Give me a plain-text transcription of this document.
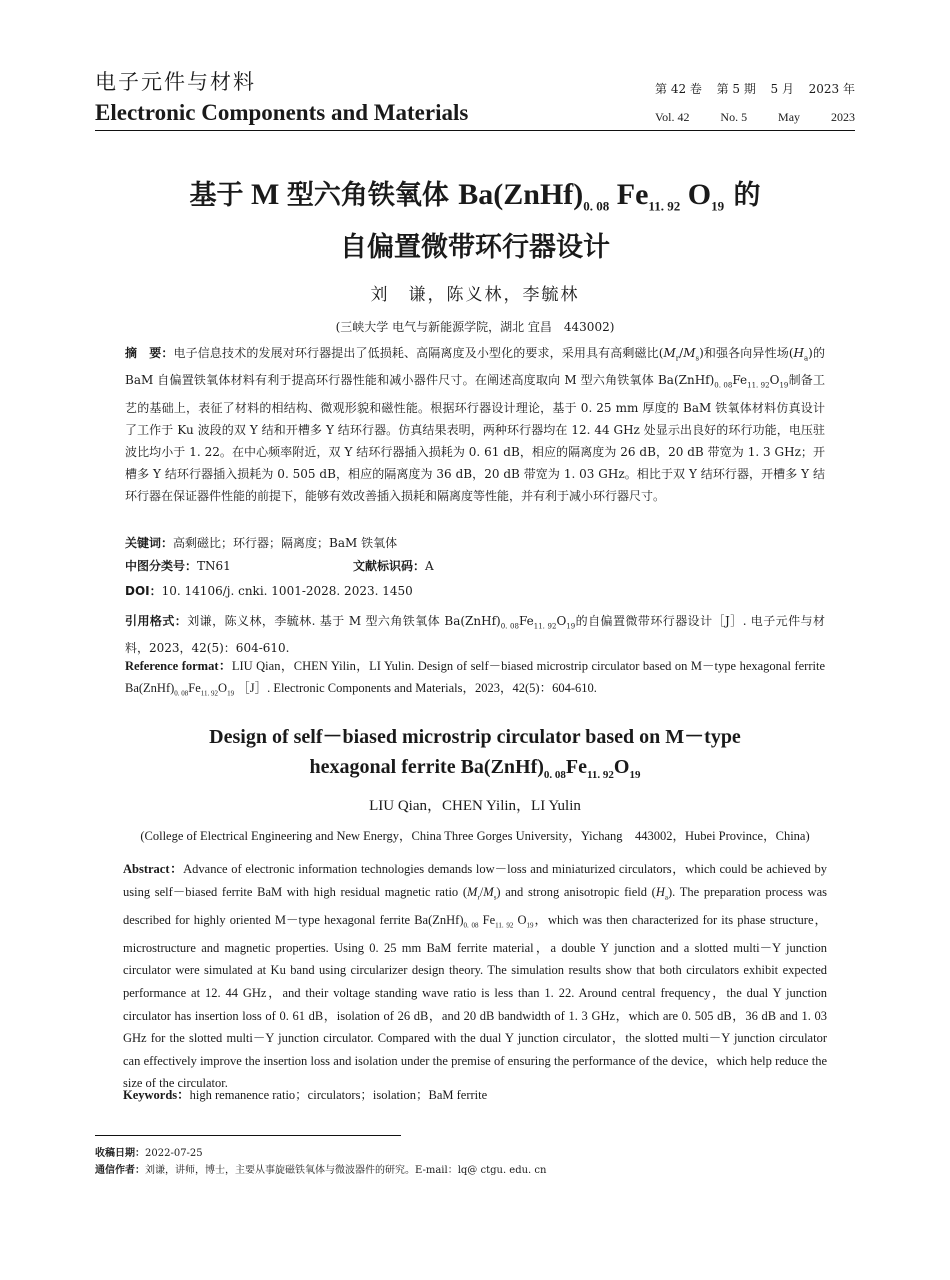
电子元件与材料
Electronic Components and Materials
第 42 卷 第 5 期 5 月 2023 年
Vol. 42	No. 5	May	2023
基于 M 型六角铁氧体 $Ba(ZnHf)_{0. 08}$ $Fe_{11. 92}$ $O_{19}$ 的
自偏置微带环行器设计
刘　谦，陈义林，李毓林
(三峡大学 电气与新能源学院，湖北 宜昌　443002)
摘　要：电子信息技术的发展对环行器提出了低损耗、高隔离度及小型化的要求，采用具有高剩磁比$(M_r/M_s)$和强各向异性场$(H_a)$的 BaM 自偏置铁氧体材料有利于提高环行器性能和减小器件尺寸。在阐述高度取向 M 型六角铁氧体 $Ba(ZnHf)_{0. 08}Fe_{11. 92}O_{19}$制备工艺的基础上，表征了材料的相结构、微观形貌和磁性能。根据环行器设计理论，基于 0. 25 mm 厚度的 BaM 铁氧体材料仿真设计了工作于 Ku 波段的双 Y 结和开槽多 Y 结环行器。仿真结果表明，两种环行器均在 12. 44 GHz 处显示出良好的环行功能，电压驻波比均小于 1. 22。在中心频率附近，双 Y 结环行器插入损耗为 0. 61 dB，相应的隔离度为 26 dB，20 dB 带宽为 1. 3 GHz；开槽多 Y 结环行器插入损耗为 0. 505 dB，相应的隔离度为 36 dB，20 dB 带宽为 1. 03 GHz。相比于双 Y 结环行器，开槽多 Y 结环行器在保证器件性能的前提下，能够有效改善插入损耗和隔离度等性能，并有利于减小环行器尺寸。
关键词：高剩磁比；环行器；隔离度；BaM 铁氧体
中图分类号：TN61	文献标识码：A
DOI：10. 14106/j. cnki. 1001-2028. 2023. 1450
引用格式：刘谦，陈义林，李毓林. 基于 M 型六角铁氧体 $Ba(ZnHf)_{0. 08}Fe_{11. 92}O_{19}$的自偏置微带环行器设计［J］. 电子元件与材料，2023，42(5)：604-610.
Reference format：LIU Qian，CHEN Yilin，LI Yulin. Design of self－biased microstrip circulator based on M－type hexagonal ferrite $Ba(ZnHf)_{0. 08}Fe_{11. 92}O_{19}$ ［J］. Electronic Components and Materials，2023，42(5)：604-610.
Design of self－biased microstrip circulator based on M－type
hexagonal ferrite $Ba(ZnHf)_{0. 08}Fe_{11. 92}O_{19}$
LIU Qian，CHEN Yilin，LI Yulin
(College of Electrical Engineering and New Energy，China Three Gorges University，Yichang　443002，Hubei Province，China)
Abstract：Advance of electronic information technologies demands low－loss and miniaturized circulators，which could be achieved by using self－biased ferrite BaM with high residual magnetic ratio $(M_r/M_s)$ and strong anisotropic field $(H_a)$. The preparation process was described for highly oriented M－type hexagonal ferrite $Ba(ZnHf)_{0. 08}$ $Fe_{11. 92}$ $O_{19}$，which was then characterized for its phase structure，microstructure and magnetic properties. Using 0. 25 mm BaM ferrite material，a double Y junction and a slotted multi－Y junction circulator were simulated at Ku band using circularizer design theory. The simulation results show that both circulators exhibit expected performance at 12. 44 GHz，and their voltage standing wave ratio is less than 1. 22. Around central frequency，the dual Y junction circulator has insertion loss of 0. 61 dB，isolation of 26 dB，and 20 dB bandwidth of 1. 3 GHz，which are 0. 505 dB，36 dB and 1. 03 GHz for the slotted multi－Y junction circulator. Compared with the dual Y junction circulator，the slotted multi－Y junction circulator can effectively improve the insertion loss and isolation under the premise of ensuring the performance of the device，which help reduce the size of the circulator.
Keywords：high remanence ratio；circulators；isolation；BaM ferrite
收稿日期：2022-07-25
通信作者：刘谦，讲师，博士，主要从事旋磁铁氧体与微波器件的研究。E-mail：lq@ ctgu. edu. cn
